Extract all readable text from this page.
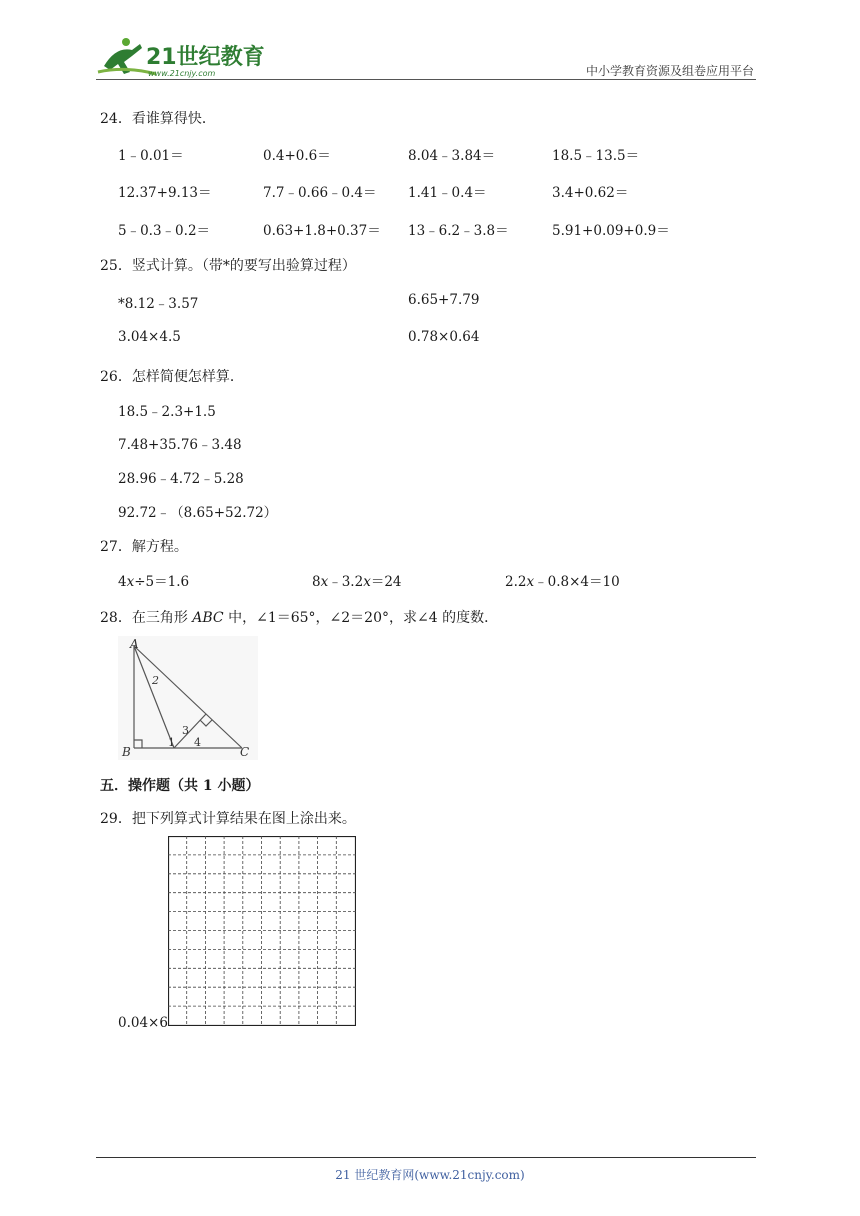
21世纪教育
www.21cnjy.com	中小学教育资源及组卷应用平台
24．看谁算得快．
1﹣0.01＝	0.4+0.6＝	8.04﹣3.84＝	18.5﹣13.5＝
12.37+9.13＝	7.7﹣0.66﹣0.4＝ 1.41﹣0.4＝	3.4+0.62＝
5﹣0.3﹣0.2＝	0.63+1.8+0.37＝ 13﹣6.2﹣3.8＝	5.91+0.09+0.9＝
25．竖式计算。（带*的要写出验算过程）
*8.12﹣3.57	6.65+7.79
3.04×4.5	0.78×0.64
26．怎样简便怎样算．
18.5﹣2.3+1.5
7.48+35.76﹣3.48
28.96﹣4.72﹣5.28
92.72﹣（8.65+52.72）
27．解方程。
4x÷5＝1.6	8x﹣3.2x＝24	2.2x﹣0.8×4＝10
28．在三角形 ABC 中，∠1＝65°，∠2＝20°，求∠4 的度数．
A
B	C
2
3
1 4
五．操作题（共 1 小题）
29．把下列算式计算结果在图上涂出来。
0.04×6
21 世纪教育网(www.21cnjy.com)
